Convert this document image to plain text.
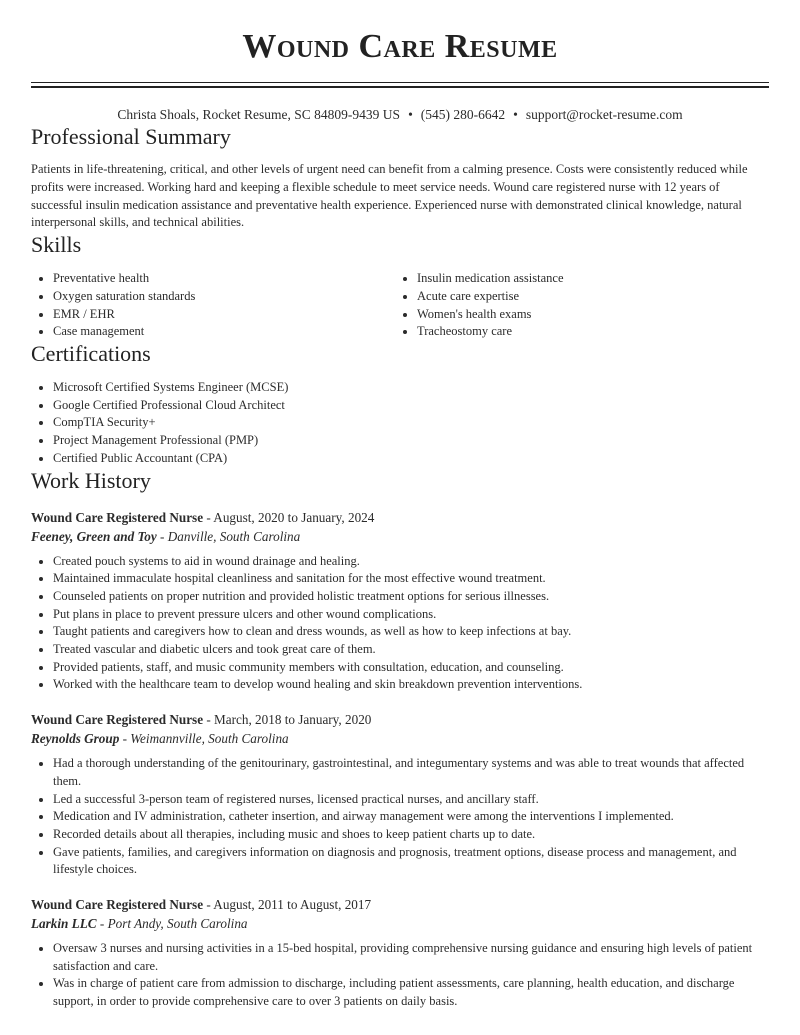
Wound Care Resume
Christa Shoals, Rocket Resume, SC 84809-9439 US • (545) 280-6642 • support@rocket-resume.com
Professional Summary

Patients in life-threatening, critical, and other levels of urgent need can benefit from a calming presence. Costs were consistently reduced while profits were increased. Working hard and keeping a flexible schedule to meet service needs. Wound care registered nurse with 12 years of successful insulin medication assistance and preventative health experience. Experienced nurse with demonstrated clinical knowledge, natural interpersonal skills, and technical abilities.

Skills
• Preventative health
• Oxygen saturation standards
• EMR / EHR
• Case management
• Insulin medication assistance
• Acute care expertise
• Women's health exams
• Tracheostomy care
Certifications
• Microsoft Certified Systems Engineer (MCSE)
• Google Certified Professional Cloud Architect
• CompTIA Security+
• Project Management Professional (PMP)
• Certified Public Accountant (CPA)
Work History
Wound Care Registered Nurse - August, 2020 to January, 2024
Feeney, Green and Toy - Danville, South Carolina
• Created pouch systems to aid in wound drainage and healing.
• Maintained immaculate hospital cleanliness and sanitation for the most effective wound treatment.
• Counseled patients on proper nutrition and provided holistic treatment options for serious illnesses.
• Put plans in place to prevent pressure ulcers and other wound complications.
• Taught patients and caregivers how to clean and dress wounds, as well as how to keep infections at bay.
• Treated vascular and diabetic ulcers and took great care of them.
• Provided patients, staff, and music community members with consultation, education, and counseling.
• Worked with the healthcare team to develop wound healing and skin breakdown prevention interventions.
Wound Care Registered Nurse - March, 2018 to January, 2020
Reynolds Group - Weimannville, South Carolina
• Had a thorough understanding of the genitourinary, gastrointestinal, and integumentary systems and was able to treat wounds that affected them.
• Led a successful 3-person team of registered nurses, licensed practical nurses, and ancillary staff.
• Medication and IV administration, catheter insertion, and airway management were among the interventions I implemented.
• Recorded details about all therapies, including music and shoes to keep patient charts up to date.
• Gave patients, families, and caregivers information on diagnosis and prognosis, treatment options, disease process and management, and lifestyle choices.
Wound Care Registered Nurse - August, 2011 to August, 2017
Larkin LLC - Port Andy, South Carolina
• Oversaw 3 nurses and nursing activities in a 15-bed hospital, providing comprehensive nursing guidance and ensuring high levels of patient satisfaction and care.
• Was in charge of patient care from admission to discharge, including patient assessments, care planning, health education, and discharge support, in order to provide comprehensive care to over 3 patients on daily basis.
